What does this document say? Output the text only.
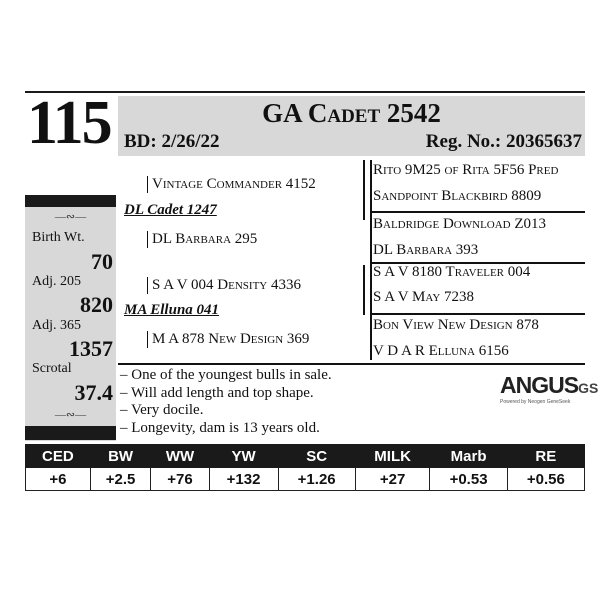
115	GA Cadet 2542
BD: 2/26/22	Reg. No.: 20365637
—∾—
Birth Wt.
70
Adj. 205
820
Adj. 365
1357
Scrotal
37.4
—∾—
Vintage Commander 4152
DL Cadet 1247
DL Barbara 295
S A V 004 Density 4336
MA Elluna 041
M A 878 New Design 369
Rito 9M25 of Rita 5F56 Pred
Sandpoint Blackbird 8809
Baldridge Download Z013
DL Barbara 393
S A V 8180 Traveler 004
S A V May 7238
Bon View New Design 878
V D A R Elluna 6156
– One of the youngest bulls in sale.
– Will add length and top shape.
– Very docile.
– Longevity, dam is 13 years old.
ANGUSGS
Powered by Neogen GeneSeek
CED	BW	WW	YW	SC	MILK	Marb	RE
+6	+2.5	+76	+132	+1.26	+27	+0.53	+0.56
